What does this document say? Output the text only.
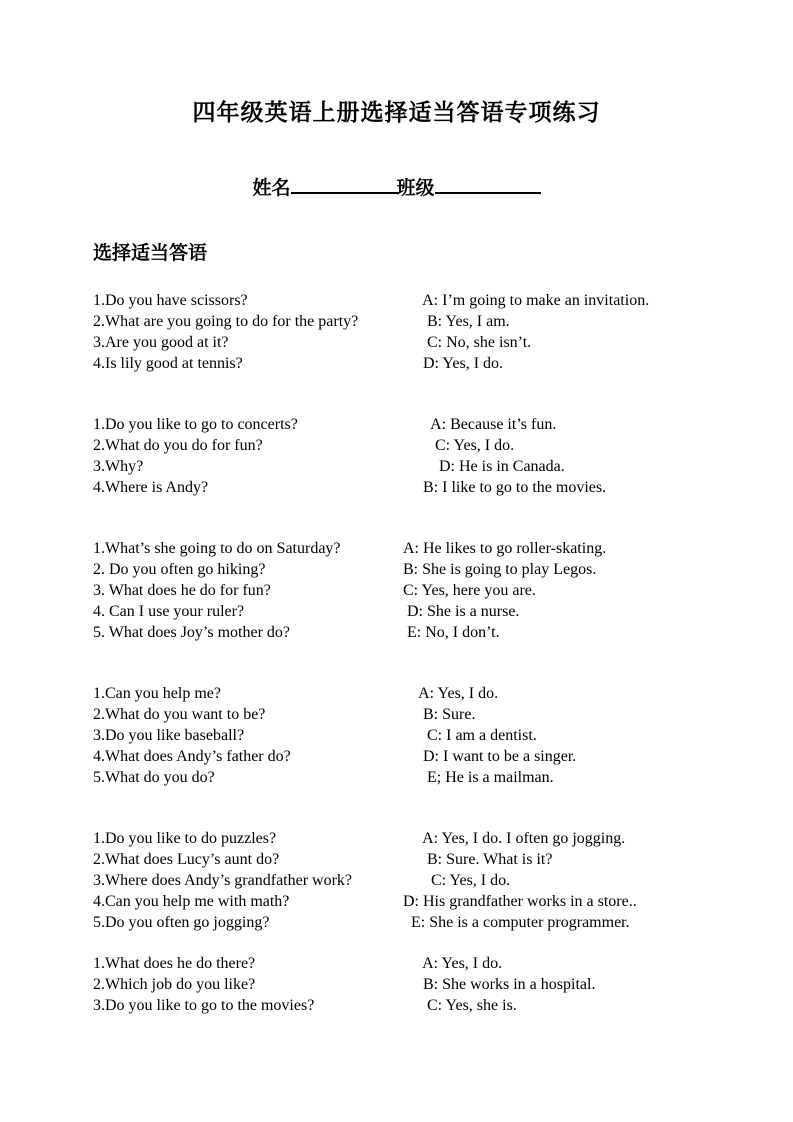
四年级英语上册选择适当答语专项练习
姓名	班级
选择适当答语
1.Do you have scissors?	A: I’m going to make an invitation.
2.What are you going to do for the party?	B: Yes, I am.
3.Are you good at it?	C: No, she isn’t.
4.Is lily good at tennis?	D: Yes, I do.
1.Do you like to go to concerts?	A: Because it’s fun.
2.What do you do for fun?	C: Yes, I do.
3.Why?	D: He is in Canada.
4.Where is Andy?	B: I like to go to the movies.
1.What’s she going to do on Saturday?	A: He likes to go roller-skating.
2. Do you often go hiking?	B: She is going to play Legos.
3. What does he do for fun?	C: Yes, here you are.
4. Can I use your ruler?	D: She is a nurse.
5. What does Joy’s mother do?	E: No, I don’t.
1.Can you help me?	A: Yes, I do.
2.What do you want to be?	B: Sure.
3.Do you like baseball?	C: I am a dentist.
4.What does Andy’s father do?	D: I want to be a singer.
5.What do you do?	E; He is a mailman.
1.Do you like to do puzzles?	A: Yes, I do. I often go jogging.
2.What does Lucy’s aunt do?	B: Sure. What is it?
3.Where does Andy’s grandfather work?	C: Yes, I do.
4.Can you help me with math?	D: His grandfather works in a store..
5.Do you often go jogging?	E: She is a computer programmer.
1.What does he do there?	A: Yes, I do.
2.Which job do you like?	B: She works in a hospital.
3.Do you like to go to the movies?	C: Yes, she is.
